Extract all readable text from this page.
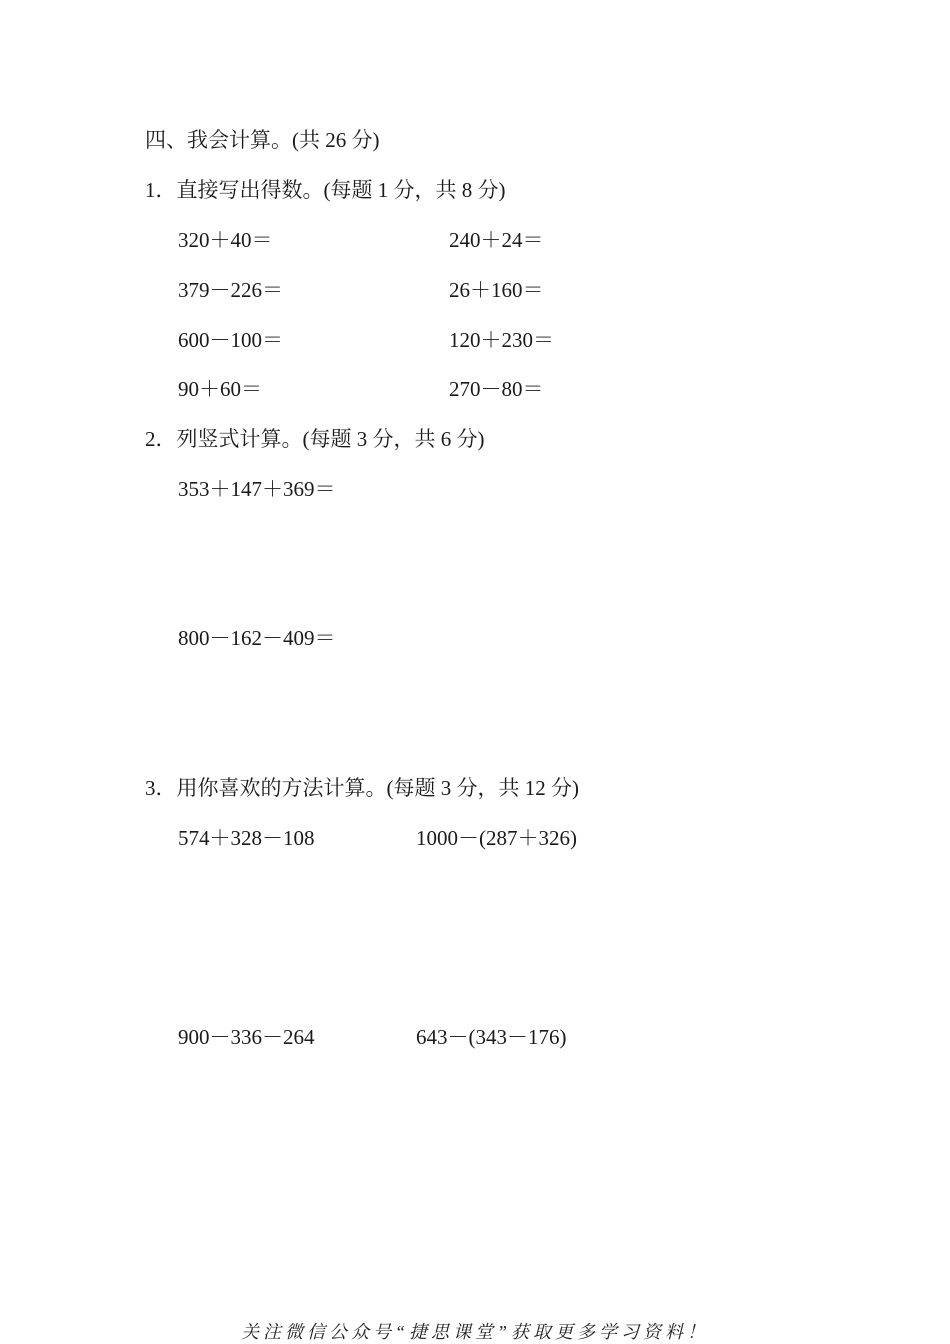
四、我会计算。(共 26 分)
1．直接写出得数。(每题 1 分，共 8 分)
320＋40＝	240＋24＝
379－226＝	26＋160＝
600－100＝	120＋230＝
90＋60＝	270－80＝
2．列竖式计算。(每题 3 分，共 6 分)
353＋147＋369＝
800－162－409＝
3．用你喜欢的方法计算。(每题 3 分，共 12 分)
574＋328－108	1000－(287＋326)
900－336－264	643－(343－176)
关注微信公众号“捷思课堂”获取更多学习资料！
